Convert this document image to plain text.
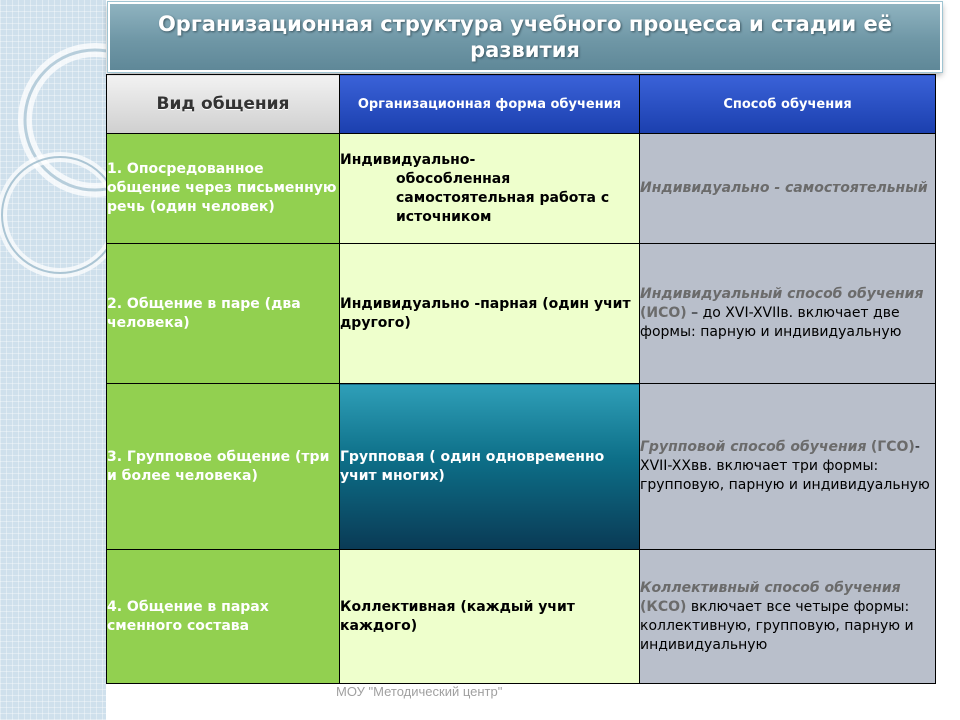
Организационная структура учебного процесса и стадии её развития
Вид общения	Организационная форма обучения	Способ обучения
1. Опосредованное общение через письменную речь (один человек)	Индивидуально-
обособленная самостоятельная работа с источником	Индивидуально - самостоятельный
2. Общение в паре (два человека)	Индивидуально -парная (один учит другого)	Индивидуальный способ обучения (ИСО) – до XVI-XVIIв. включает две формы: парную и индивидуальную
3. Групповое общение (три и более человека)	Групповая ( один одновременно учит многих)	Групповой способ обучения (ГСО)-XVII-XXвв. включает три формы: групповую, парную и индивидуальную
4. Общение в парах сменного состава	Коллективная (каждый учит каждого)	Коллективный способ обучения (КСО) включает все четыре формы: коллективную, групповую, парную и индивидуальную
МОУ "Методический центр"
